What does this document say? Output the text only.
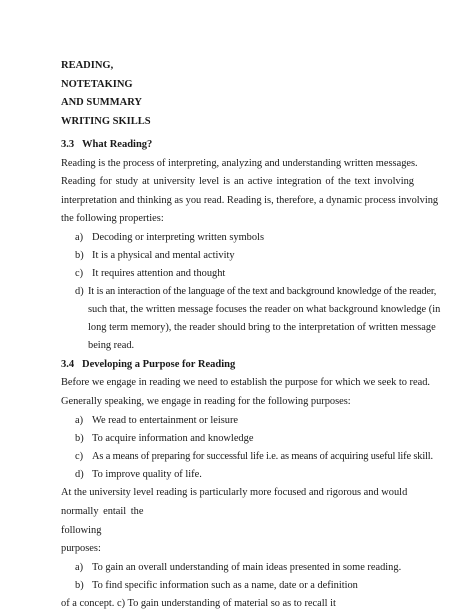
READING,
NOTETAKING
AND SUMMARY
WRITING SKILLS
3.3 What Reading?
Reading is the process of interpreting, analyzing and understanding written messages.
Reading for study at university level is an active integration of the text involving
interpretation and thinking as you read. Reading is, therefore, a dynamic process involving
the following properties:
a) Decoding or interpreting written symbols
b) It is a physical and mental activity
c) It requires attention and thought
d) It is an interaction of the language of the text and background knowledge of the reader,
such that, the written message focuses the reader on what background knowledge (in
long term memory), the reader should bring to the interpretation of written message
being read.
3.4 Developing a Purpose for Reading
Before we engage in reading we need to establish the purpose for which we seek to read.
Generally speaking, we engage in reading for the following purposes:
a) We read to entertainment or leisure
b) To acquire information and knowledge
c) As a means of preparing for successful life i.e. as means of acquiring useful life skill.
d) To improve quality of life.
At the university level reading is particularly more focused and rigorous and would
normally entail the
following
purposes:
a) To gain an overall understanding of main ideas presented in some reading.
b) To find specific information such as a name, date or a definition
of a concept. c) To gain understanding of material so as to recall it
